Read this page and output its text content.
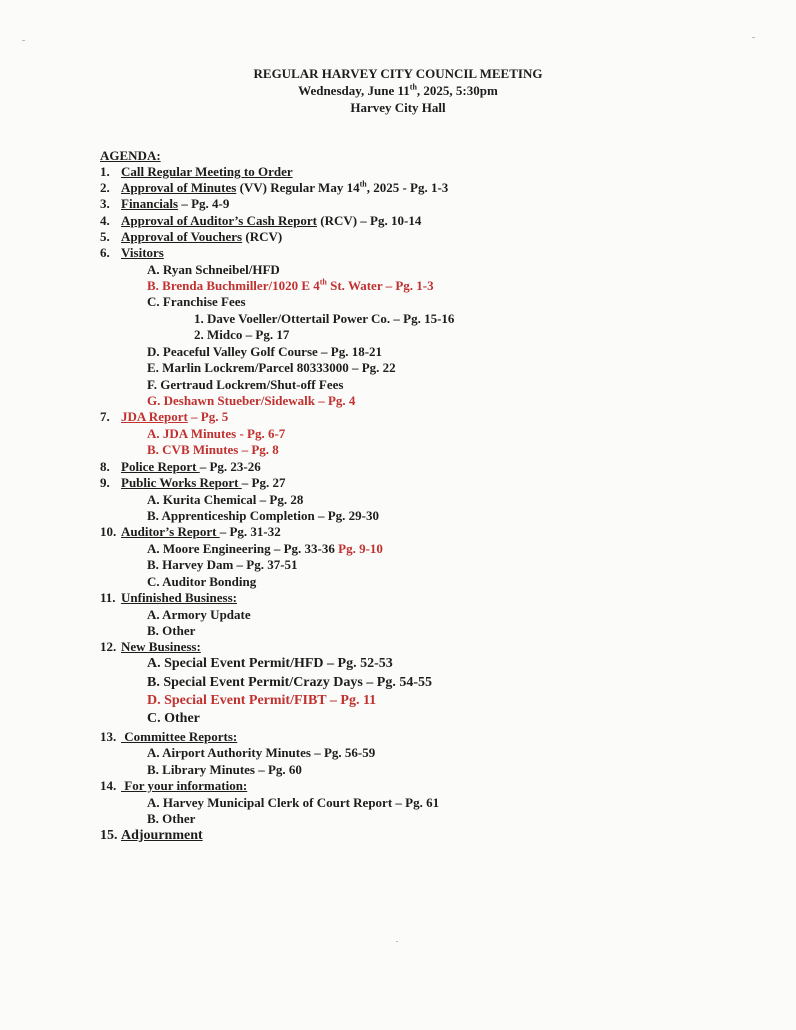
REGULAR HARVEY CITY COUNCIL MEETING
Wednesday, June 11th, 2025, 5:30pm
Harvey City Hall
AGENDA:
1. Call Regular Meeting to Order
2. Approval of Minutes (VV) Regular May 14th, 2025 - Pg. 1-3
3. Financials – Pg. 4-9
4. Approval of Auditor’s Cash Report (RCV) – Pg. 10-14
5. Approval of Vouchers (RCV)
6. Visitors
A. Ryan Schneibel/HFD
B. Brenda Buchmiller/1020 E 4th St. Water – Pg. 1-3
C. Franchise Fees
1. Dave Voeller/Ottertail Power Co. – Pg. 15-16
2. Midco – Pg. 17
D. Peaceful Valley Golf Course – Pg. 18-21
E. Marlin Lockrem/Parcel 80333000 – Pg. 22
F. Gertraud Lockrem/Shut-off Fees
G. Deshawn Stueber/Sidewalk – Pg. 4
7. JDA Report – Pg. 5
A. JDA Minutes - Pg. 6-7
B. CVB Minutes – Pg. 8
8. Police Report – Pg. 23-26
9. Public Works Report – Pg. 27
A. Kurita Chemical – Pg. 28
B. Apprenticeship Completion – Pg. 29-30
10. Auditor’s Report – Pg. 31-32
A. Moore Engineering – Pg. 33-36 Pg. 9-10
B. Harvey Dam – Pg. 37-51
C. Auditor Bonding
11. Unfinished Business:
A. Armory Update
B. Other
12. New Business:
A. Special Event Permit/HFD – Pg. 52-53
B. Special Event Permit/Crazy Days – Pg. 54-55
D. Special Event Permit/FIBT – Pg. 11
C. Other
13. Committee Reports:
A. Airport Authority Minutes – Pg. 56-59
B. Library Minutes – Pg. 60
14. For your information:
A. Harvey Municipal Clerk of Court Report – Pg. 61
B. Other
15.Adjournment
